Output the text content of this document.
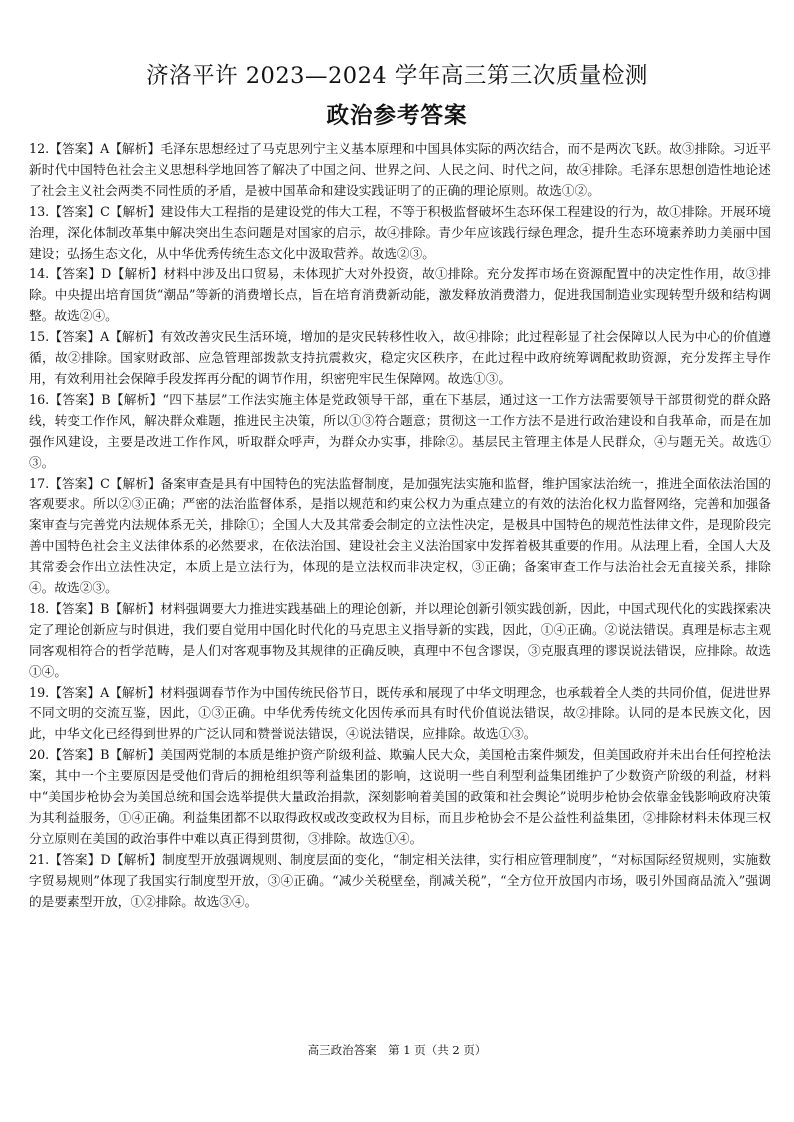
济洛平许 2023—2024 学年高三第三次质量检测
政治参考答案

12.【答案】A【解析】毛泽东思想经过了马克思列宁主义基本原理和中国具体实际的两次结合，而不是两次飞跃。故③排除。习近平新时代中国特色社会主义思想科学地回答了解决了中国之问、世界之问、人民之问、时代之问，故④排除。毛泽东思想创造性地论述了社会主义社会两类不同性质的矛盾，是被中国革命和建设实践证明了的正确的理论原则。故选①②。

13.【答案】C【解析】建设伟大工程指的是建设党的伟大工程，不等于积极监督破坏生态环保工程建设的行为，故①排除。开展环境治理，深化体制改革集中解决突出生态问题是对国家的启示，故④排除。青少年应该践行绿色理念，提升生态环境素养助力美丽中国建设；弘扬生态文化，从中华优秀传统生态文化中汲取营养。故选②③。

14.【答案】D【解析】材料中涉及出口贸易，未体现扩大对外投资，故①排除。充分发挥市场在资源配置中的决定性作用，故③排除。中央提出培育国货“潮品”等新的消费增长点，旨在培育消费新动能，激发释放消费潜力，促进我国制造业实现转型升级和结构调整。故选②④。

15.【答案】A【解析】有效改善灾民生活环境，增加的是灾民转移性收入，故④排除；此过程彰显了社会保障以人民为中心的价值遵循，故②排除。国家财政部、应急管理部拨款支持抗震救灾，稳定灾区秩序，在此过程中政府统筹调配救助资源，充分发挥主导作用，有效利用社会保障手段发挥再分配的调节作用，织密兜牢民生保障网。故选①③。

16.【答案】B【解析】“四下基层”工作法实施主体是党政领导干部，重在下基层，通过这一工作方法需要领导干部贯彻党的群众路线，转变工作作风，解决群众难题，推进民主决策，所以①③符合题意；贯彻这一工作方法不是进行政治建设和自我革命，而是在加强作风建设，主要是改进工作作风，听取群众呼声，为群众办实事，排除②。基层民主管理主体是人民群众，④与题无关。故选①③。

17.【答案】C【解析】备案审查是具有中国特色的宪法监督制度，是加强宪法实施和监督，维护国家法治统一，推进全面依法治国的客观要求。所以②③正确；严密的法治监督体系，是指以规范和约束公权力为重点建立的有效的法治化权力监督网络，完善和加强备案审查与完善党内法规体系无关，排除①；全国人大及其常委会制定的立法性决定，是极具中国特色的规范性法律文件，是现阶段完善中国特色社会主义法律体系的必然要求，在依法治国、建设社会主义法治国家中发挥着极其重要的作用。从法理上看，全国人大及其常委会作出立法性决定，本质上是立法行为，体现的是立法权而非决定权，③正确；备案审查工作与法治社会无直接关系，排除④。故选②③。

18.【答案】B【解析】材料强调要大力推进实践基础上的理论创新，并以理论创新引领实践创新，因此，中国式现代化的实践探索决定了理论创新应与时俱进，我们要自觉用中国化时代化的马克思主义指导新的实践，因此，①④正确。②说法错误。真理是标志主观同客观相符合的哲学范畴，是人们对客观事物及其规律的正确反映，真理中不包含谬误，③克服真理的谬误说法错误，应排除。故选①④。

19.【答案】A【解析】材料强调春节作为中国传统民俗节日，既传承和展现了中华文明理念，也承载着全人类的共同价值，促进世界不同文明的交流互鉴，因此，①③正确。中华优秀传统文化因传承而具有时代价值说法错误，故②排除。认同的是本民族文化，因此，中华文化已经得到世界的广泛认同和赞誉说法错误，④说法错误，应排除。故选①③。

20.【答案】B【解析】美国两党制的本质是维护资产阶级利益、欺骗人民大众，美国枪击案件频发，但美国政府并未出台任何控枪法案，其中一个主要原因是受他们背后的拥枪组织等利益集团的影响，这说明一些自利型利益集团维护了少数资产阶级的利益，材料中“美国步枪协会为美国总统和国会选举提供大量政治捐款，深刻影响着美国的政策和社会舆论”说明步枪协会依靠金钱影响政府决策为其利益服务，①④正确。利益集团都不以取得政权或改变政权为目标，而且步枪协会不是公益性利益集团，②排除材料未体现三权分立原则在美国的政治事件中难以真正得到贯彻，③排除。故选①④。

21.【答案】D【解析】制度型开放强调规则、制度层面的变化，“制定相关法律，实行相应管理制度”，“对标国际经贸规则，实施数字贸易规则”体现了我国实行制度型开放，③④正确。“减少关税壁垒，削减关税”，“全方位开放国内市场，吸引外国商品流入”强调的是要素型开放，①②排除。故选③④。

高三政治答案　第 1 页（共 2 页）
